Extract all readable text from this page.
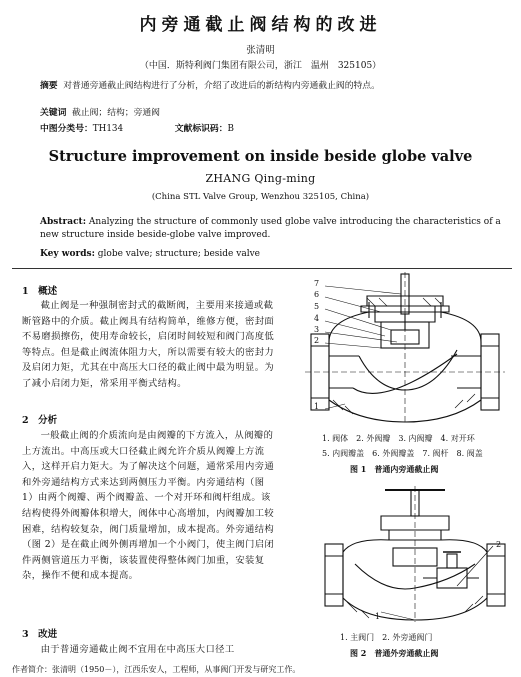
内旁通截止阀结构的改进
张清明
（中国．斯特利阀门集团有限公司，浙江　温州　325105）
摘要 对普通旁通截止阀结构进行了分析，介绍了改进后的新结构内旁通截止阀的特点。
关键词 截止阀；结构；旁通阀
中图分类号：TH134	文献标识码：B
Structure improvement on inside beside globe valve
ZHANG Qing-ming
(China STL Valve Group, Wenzhou 325105, China)
Abstract: Analyzing the structure of commonly used globe valve introducing the characteristics of a new structure inside beside-globe valve improved.
Key words: globe valve; structure; beside valve
1　概述

截止阀是一种强制密封式的截断阀，主要用来接通或截断管路中的介质。截止阀具有结构简单，维修方便，密封面不易磨损擦伤，使用寿命较长，启闭时间较短和阀门高度低等特点。但是截止阀流体阻力大，所以需要有较大的密封力及启闭力矩，尤其在中高压大口径的截止阀中最为明显。为了减小启闭力矩，常采用平衡式结构。

2　分析

一般截止阀的介质流向是由阀瓣的下方流入，从阀瓣的上方流出。中高压或大口径截止阀允许介质从阀瓣上方流入，这样开启力矩大。为了解决这个问题，通常采用内旁通和外旁通结构方式来达到两侧压力平衡。内旁通结构（图 1）由两个阀瓣、两个阀瓣盖、一个对开环和阀杆组成。该结构使得外阀瓣体积增大，阀体中心高增加，内阀瓣加工较困难，结构较复杂，阀门质量增加，成本提高。外旁通结构（图 2）是在截止阀外侧再增加一个小阀门，使主阀门启闭件两侧管道压力平衡，该装置使得整体阀门加重，安装复杂，操作不便和成本提高。

3　改进

由于普通旁通截止阀不宜用在中高压大口径工

7
6
5
4
3
2
1
1. 阀体　2. 外阀瓣　3. 内阀瓣　4. 对开环
5. 内阀瓣盖　6. 外阀瓣盖　7. 阀杆　8. 阀盖
图 1　普通内旁通截止阀
2
1
1. 主阀门　2. 外旁通阀门
图 2　普通外旁通截止阀
作者简介：张清明（1950－），江西乐安人，工程师，从事阀门开发与研究工作。
